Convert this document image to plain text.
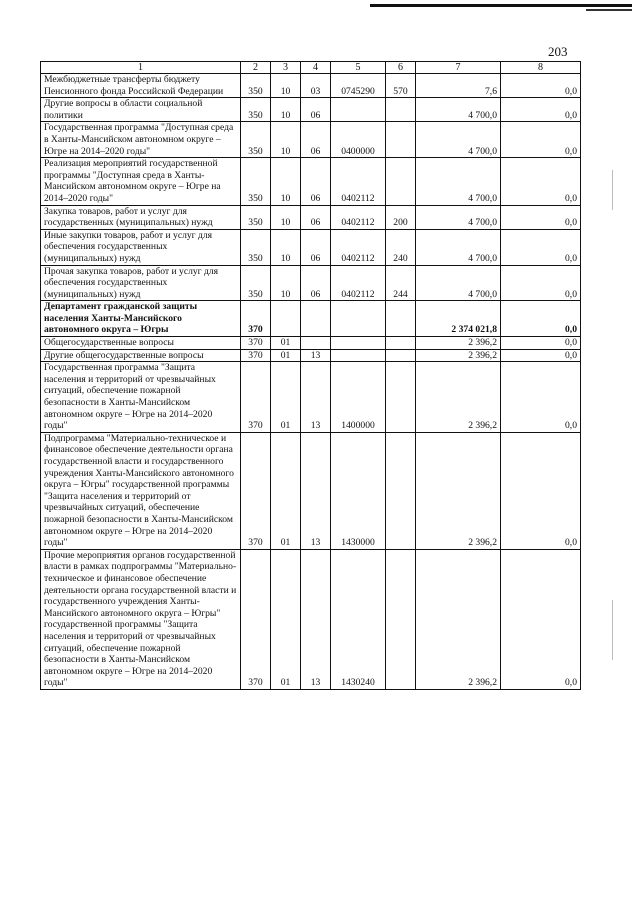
203
1	2	3	4	5	6	7	8
Межбюджетные трансферты бюджету Пенсионного фонда Российской Федерации	350	10	03	0745290	570	7,6	0,0
Другие вопросы в области социальной политики	350	10	06			4 700,0	0,0
Государственная программа "Доступная среда в Ханты-Мансийском автономном округе – Югре на 2014–2020 годы"	350	10	06	0400000		4 700,0	0,0
Реализация мероприятий государственной программы "Доступная среда в Ханты-Мансийском автономном округе – Югре на 2014–2020 годы"	350	10	06	0402112		4 700,0	0,0
Закупка товаров, работ и услуг для государственных (муниципальных) нужд	350	10	06	0402112	200	4 700,0	0,0
Иные закупки товаров, работ и услуг для обеспечения государственных (муниципальных) нужд	350	10	06	0402112	240	4 700,0	0,0
Прочая закупка товаров, работ и услуг для обеспечения государственных (муниципальных) нужд	350	10	06	0402112	244	4 700,0	0,0
Департамент гражданской защиты населения Ханты-Мансийского автономного округа – Югры	370					2 374 021,8	0,0
Общегосударственные вопросы	370	01				2 396,2	0,0
Другие общегосударственные вопросы	370	01	13			2 396,2	0,0
Государственная программа "Защита населения и территорий от чрезвычайных ситуаций, обеспечение пожарной безопасности в Ханты-Мансийском автономном округе – Югре на 2014–2020 годы"	370	01	13	1400000		2 396,2	0,0
Подпрограмма "Материально-техническое и финансовое обеспечение деятельности органа государственной власти и государственного учреждения Ханты-Мансийского автономного округа – Югры" государственной программы "Защита населения и территорий от чрезвычайных ситуаций, обеспечение пожарной безопасности в Ханты-Мансийском автономном округе – Югре на 2014–2020 годы"	370	01	13	1430000		2 396,2	0,0
Прочие мероприятия органов государственной власти в рамках подпрограммы "Материально-техническое и финансовое обеспечение деятельности органа государственной власти и государственного учреждения Ханты-Мансийского автономного округа – Югры" государственной программы "Защита населения и территорий от чрезвычайных ситуаций, обеспечение пожарной безопасности в Ханты-Мансийском автономном округе – Югре на 2014–2020 годы"	370	01	13	1430240		2 396,2	0,0
